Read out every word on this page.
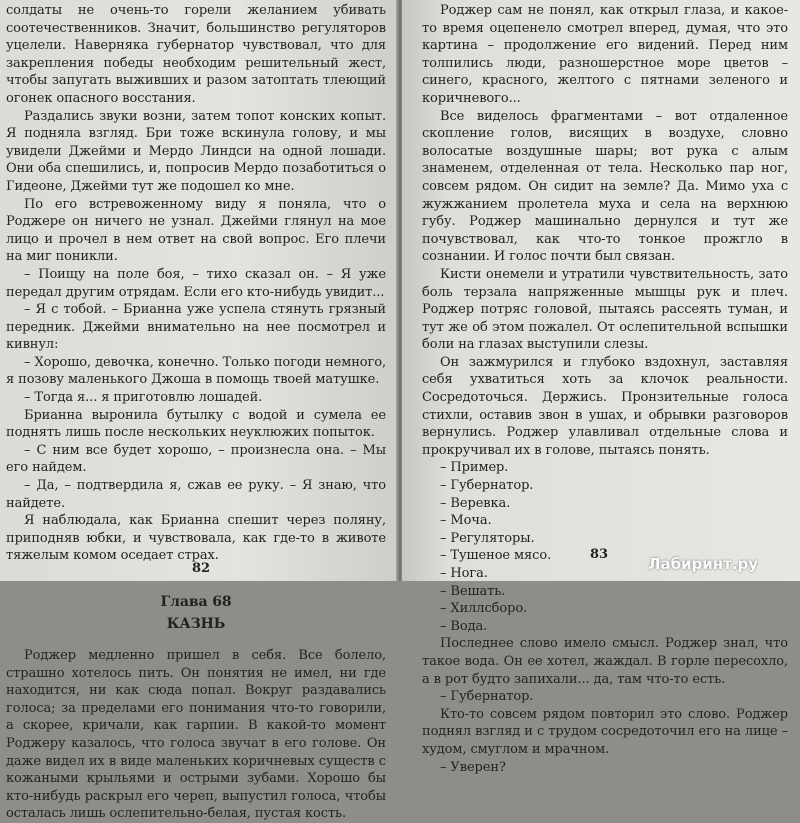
солдаты не очень-то горели желанием убивать соотечественников. Значит, большинство регуляторов уцелели. Наверняка губернатор чувствовал, что для закрепления победы необходим решительный жест, чтобы запугать выживших и разом затоптать тлеющий огонек опасного восстания.

Раздались звуки возни, затем топот конских копыт. Я подняла взгляд. Бри тоже вскинула голову, и мы увидели Джейми и Мердо Линдси на одной лошади. Они оба спешились, и, попросив Мердо позаботиться о Гидеоне, Джейми тут же подошел ко мне.

По его встревоженному виду я поняла, что о Роджере он ничего не узнал. Джейми глянул на мое лицо и прочел в нем ответ на свой вопрос. Его плечи на миг поникли.

– Поищу на поле боя, – тихо сказал он. – Я уже передал другим отрядам. Если его кто-нибудь увидит...

– Я с тобой. – Брианна уже успела стянуть грязный передник. Джейми внимательно на нее посмотрел и кивнул:

– Хорошо, девочка, конечно. Только погоди немного, я позову маленького Джоша в помощь твоей матушке.

– Тогда я... я приготовлю лошадей.

Брианна выронила бутылку с водой и сумела ее поднять лишь после нескольких неуклюжих попыток.

– С ним все будет хорошо, – произнесла она. – Мы его найдем.

– Да, – подтвердила я, сжав ее руку. – Я знаю, что найдете.

Я наблюдала, как Брианна спешит через поляну, приподняв юбки, и чувствовала, как где-то в животе тяжелым комом оседает страх.

Глава 68
КАЗНЬ

Роджер медленно пришел в себя. Все болело, страшно хотелось пить. Он понятия не имел, ни где находится, ни как сюда попал. Вокруг раздавались голоса; за пределами его понимания что-то говорили, а скорее, кричали, как гарпии. В какой-то момент Роджеру казалось, что голоса звучат в его голове. Он даже видел их в виде маленьких коричневых существ с кожаными крыльями и острыми зубами. Хорошо бы кто-нибудь раскрыл его череп, выпустил голоса, чтобы осталась лишь ослепительно-белая, пустая кость.

82

Роджер сам не понял, как открыл глаза, и какое-то время оцепенело смотрел вперед, думая, что это картина – продолжение его видений. Перед ним толпились люди, разношерстное море цветов – синего, красного, желтого с пятнами зеленого и коричневого...

Все виделось фрагментами – вот отдаленное скопление голов, висящих в воздухе, словно волосатые воздушные шары; вот рука с алым знаменем, отделенная от тела. Несколько пар ног, совсем рядом. Он сидит на земле? Да. Мимо уха с жужжанием пролетела муха и села на верхнюю губу. Роджер машинально дернулся и тут же почувствовал, как что-то тонкое прожгло в сознании. И голос почти был связан.

Кисти онемели и утратили чувствительность, зато боль терзала напряженные мышцы рук и плеч. Роджер потряс головой, пытаясь рассеять туман, и тут же об этом пожалел. От ослепительной вспышки боли на глазах выступили слезы.

Он зажмурился и глубоко вздохнул, заставляя себя ухватиться хоть за клочок реальности. Сосредоточься. Держись. Пронзительные голоса стихли, оставив звон в ушах, и обрывки разговоров вернулись. Роджер улавливал отдельные слова и прокручивал их в голове, пытаясь понять.

– Пример.

– Губернатор.

– Веревка.

– Моча.

– Регуляторы.

– Тушеное мясо.

– Нога.

– Вешать.

– Хиллсборо.

– Вода.

Последнее слово имело смысл. Роджер знал, что такое вода. Он ее хотел, жаждал. В горле пересохло, а в рот будто запихали... да, там что-то есть.

– Губернатор.

Кто-то совсем рядом повторил это слово. Роджер поднял взгляд и с трудом сосредоточил его на лице – худом, смуглом и мрачном.

– Уверен?

83
Лабиринт.ру
